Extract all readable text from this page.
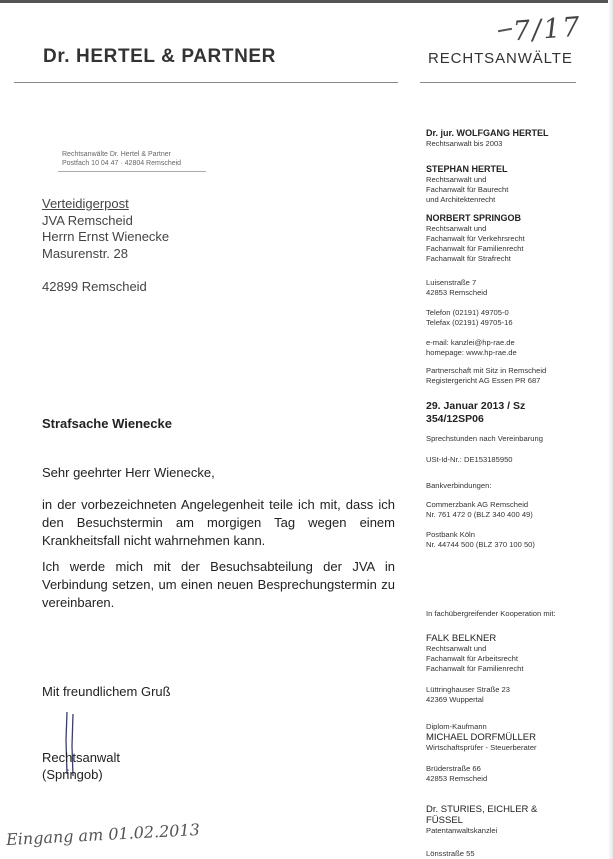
Dr. HERTEL & PARTNER	RECHTSANWÄLTE
7/17
Rechtsanwälte Dr. Hertel & Partner
Postfach 10 04 47 · 42804 Remscheid
Verteidigerpost
JVA Remscheid
Herrn Ernst Wienecke
Masurenstr. 28
42899 Remscheid
Strafsache Wienecke
Sehr geehrter Herr Wienecke,
in der vorbezeichneten Angelegenheit teile ich mit, dass ich den Besuchstermin am morgigen Tag wegen einem Krankheitsfall nicht wahrnehmen kann.
Ich werde mich mit der Besuchsabteilung der JVA in Verbindung setzen, um einen neuen Besprechungstermin zu vereinbaren.
Mit freundlichem Gruß
Rechtsanwalt
(Springob)
Eingang am 01.02.2013
Dr. jur. WOLFGANG HERTEL
Rechtsanwalt bis 2003
STEPHAN HERTEL
Rechtsanwalt und
Fachanwalt für Baurecht
und Architektenrecht
NORBERT SPRINGOB
Rechtsanwalt und
Fachanwalt für Verkehrsrecht
Fachanwalt für Familienrecht
Fachanwalt für Strafrecht
Luisenstraße 7
42853 Remscheid
Telefon (02191) 49705-0
Telefax (02191) 49705-16
e-mail: kanzlei@hp-rae.de
homepage: www.hp-rae.de
Partnerschaft mit Sitz in Remscheid
Registergericht AG Essen PR 687
29. Januar 2013 / Sz
354/12SP06
Sprechstunden nach Vereinbarung
USt-Id-Nr.: DE153185950
Bankverbindungen:
Commerzbank AG Remscheid
Nr. 761 472 0 (BLZ 340 400 49)
Postbank Köln
Nr. 44744 500 (BLZ 370 100 50)
In fachübergreifender Kooperation mit:
FALK BELKNER
Rechtsanwalt und
Fachanwalt für Arbeitsrecht
Fachanwalt für Familienrecht
Lüttringhauser Straße 23
42369 Wuppertal
Diplom-Kaufmann
MICHAEL DORFMÜLLER
Wirtschaftsprüfer - Steuerberater
Brüderstraße 66
42853 Remscheid
Dr. STURIES, EICHLER &
FÜSSEL
Patentanwaltskanzlei
Lönsstraße 55
